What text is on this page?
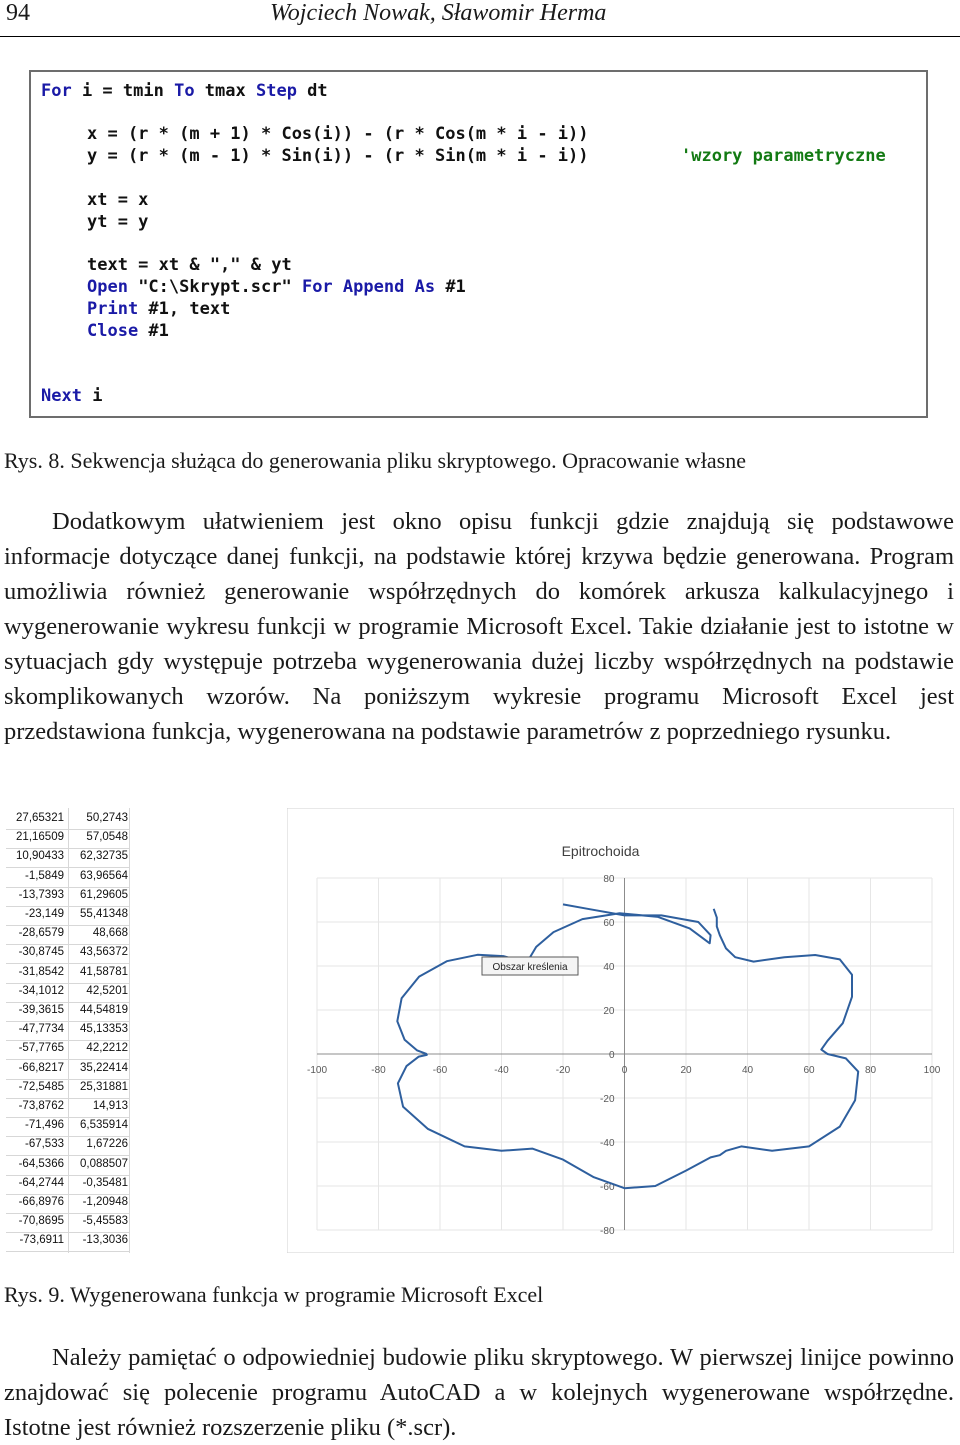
94	Wojciech Nowak, Sławomir Herma
For i = tmin To tmax Step dt
x = (r * (m + 1) * Cos(i)) - (r * Cos(m * i - i))
y = (r * (m - 1) * Sin(i)) - (r * Sin(m * i - i))	'wzory parametryczne
xt = x
yt = y
text = xt & "," & yt
Open "C:\Skrypt.scr" For Append As #1
Print #1, text
Close #1
Next i
Rys. 8. Sekwencja służąca do generowania pliku skryptowego. Opracowanie własne
Dodatkowym ułatwieniem jest okno opisu funkcji gdzie znajdują się podstawowe informacje dotyczące danej funkcji, na podstawie której krzywa będzie generowana. Program umożliwia również generowanie współrzędnych do komórek arkusza kalkulacyjnego i wygenerowanie wykresu funkcji w programie Microsoft Excel. Takie działanie jest to istotne w sytuacjach gdy występuje potrzeba wygenerowania dużej liczby współrzędnych na podstawie skomplikowanych wzorów. Na poniższym wykresie programu Microsoft Excel jest przedstawiona funkcja, wygenerowana na podstawie parametrów z poprzedniego rysunku.
27,65321	50,2743
21,16509	57,0548
10,90433	62,32735
-1,5849	63,96564
-13,7393	61,29605
-23,149	55,41348
-28,6579	48,668
-30,8745	43,56372
-31,8542	41,58781
-34,1012	42,5201
-39,3615	44,54819
-47,7734	45,13353
-57,7765	42,2212
-66,8217	35,22414
-72,5485	25,31881
-73,8762	14,913
-71,496	6,535914
-67,533	1,67226
-64,5366	0,088507
-64,2744	-0,35481
-66,8976	-1,20948
-70,8695	-5,45583
-73,6911	-13,3036
Epitrochoida
-100	-80	-60	-40	-20	0	20	40	60	80	100
80
60
40
20
0
-20
-40
-60
-80
Obszar kreślenia
Rys. 9. Wygenerowana funkcja w programie Microsoft Excel
Należy pamiętać o odpowiedniej budowie pliku skryptowego. W pierwszej linijce powinno znajdować się polecenie programu AutoCAD a w kolejnych wygenerowane współrzędne. Istotne jest również rozszerzenie pliku (*.scr).
